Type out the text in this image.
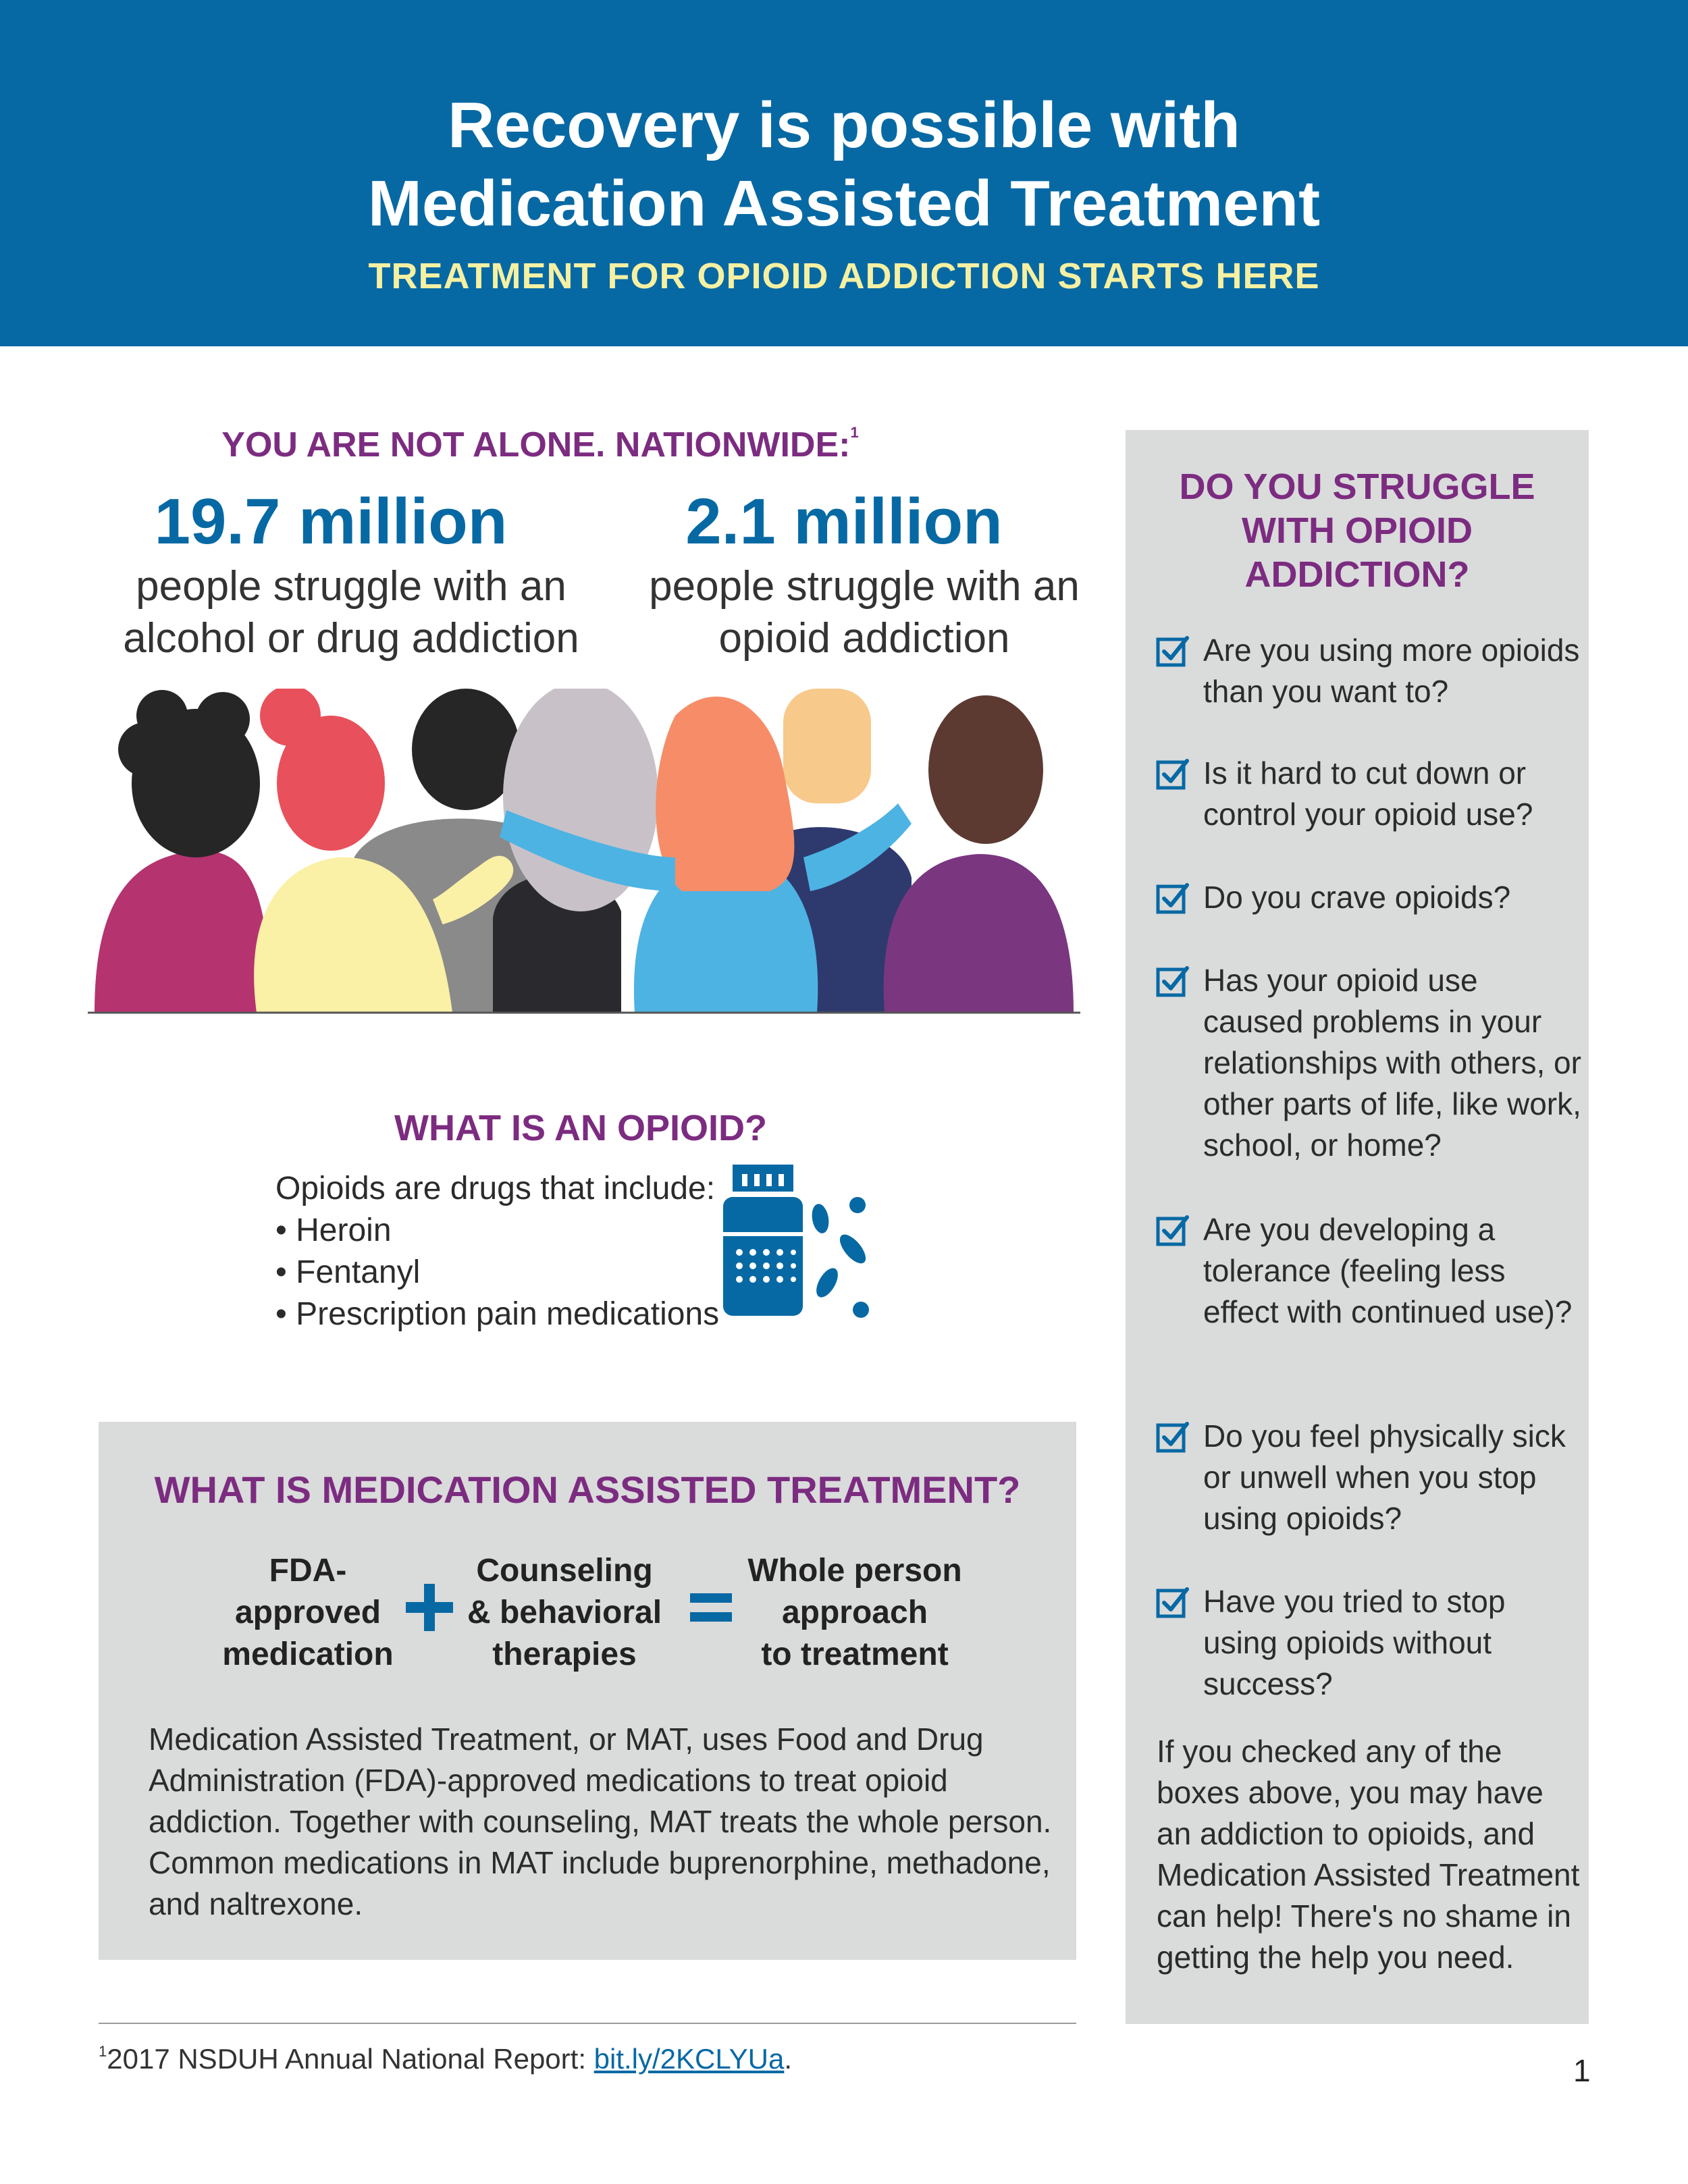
Recovery is possible with
Medication Assisted Treatment
TREATMENT FOR OPIOID ADDICTION STARTS HERE
YOU ARE NOT ALONE. NATIONWIDE:$^1$
19.7 million
people struggle with an
alcohol or drug addiction
2.1 million
people struggle with an
opioid addiction
WHAT IS AN OPIOID?
Opioids are drugs that include:
• Heroin
• Fentanyl
• Prescription pain medications
WHAT IS MEDICATION ASSISTED TREATMENT?
FDA-
approved
medication
Counseling
& behavioral
therapies
Whole person
approach
to treatment
Medication Assisted Treatment, or MAT, uses Food and Drug Administration (FDA)-approved medications to treat opioid addiction. Together with counseling, MAT treats the whole person. Common medications in MAT include buprenorphine, methadone, and naltrexone.
$^1$2017 NSDUH Annual National Report: bit.ly/2KCLYUa.	1
DO YOU STRUGGLE
WITH OPIOID
ADDICTION?
Are you using more opioids than you want to?
Is it hard to cut down or control your opioid use?
Do you crave opioids?
Has your opioid use caused problems in your relationships with others, or other parts of life, like work, school, or home?
Are you developing a tolerance (feeling less effect with continued use)?
Do you feel physically sick or unwell when you stop using opioids?
Have you tried to stop using opioids without success?
If you checked any of the boxes above, you may have an addiction to opioids, and Medication Assisted Treatment can help! There's no shame in getting the help you need.
